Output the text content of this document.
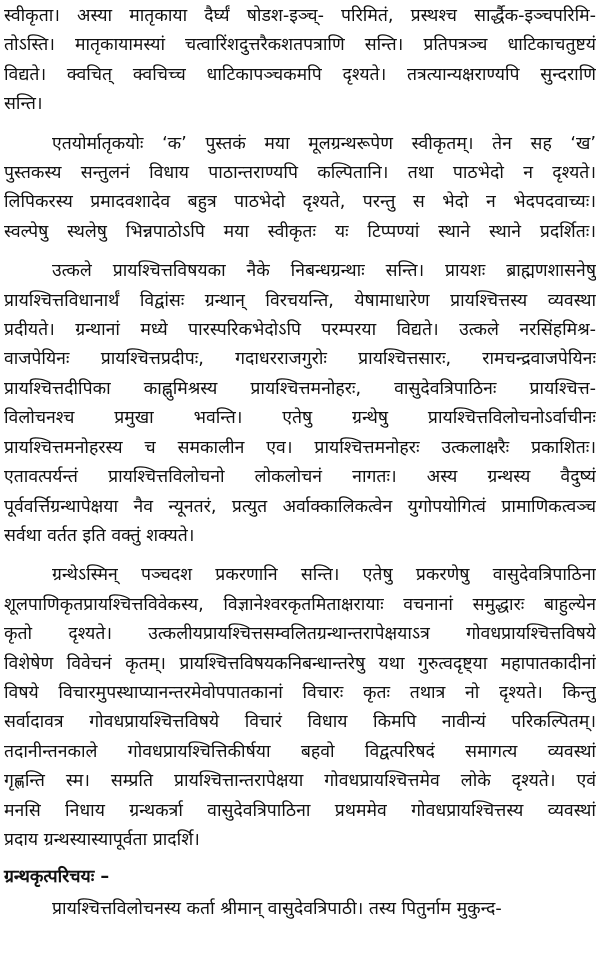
स्वीकृता। अस्या मातृकाया दैर्घ्यं षोडश-इञ्च्- परिमितं, प्रस्थश्च सार्द्धैक-इञ्चपरिमि-
तोऽस्ति। मातृकायामस्यां चत्वारिंशदुत्तरैकशतपत्राणि सन्ति। प्रतिपत्रञ्च धाटिकाचतुष्टयं
विद्यते। क्वचित् क्वचिच्च धाटिकापञ्चकमपि दृश्यते। तत्रत्यान्यक्षराण्यपि सुन्दराणि
सन्ति।
एतयोर्मातृकयोः ‘क’ पुस्तकं मया मूलग्रन्थरूपेण स्वीकृतम्। तेन सह ‘ख’
पुस्तकस्य सन्तुलनं विधाय पाठान्तराण्यपि कल्पितानि। तथा पाठभेदो न दृश्यते।
लिपिकरस्य प्रमादवशादेव बहुत्र पाठभेदो दृश्यते, परन्तु स भेदो न भेदपदवाच्यः।
स्वल्पेषु स्थलेषु भिन्नपाठोऽपि मया स्वीकृतः यः टिप्पण्यां स्थाने स्थाने प्रदर्शितः।
उत्कले प्रायश्चित्तविषयका नैके निबन्धग्रन्थाः सन्ति। प्रायशः ब्राह्मणशासनेषु
प्रायश्चित्तविधानार्थं विद्वांसः ग्रन्थान् विरचयन्ति, येषामाधारेण प्रायश्चित्तस्य व्यवस्था
प्रदीयते। ग्रन्थानां मध्ये पारस्परिकभेदोऽपि परम्परया विद्यते। उत्कले नरसिंहमिश्र-
वाजपेयिनः प्रायश्चित्तप्रदीपः, गदाधरराजगुरोः प्रायश्चित्तसारः, रामचन्द्रवाजपेयिनः
प्रायश्चित्तदीपिका काह्नुमिश्रस्य प्रायश्चित्तमनोहरः, वासुदेवत्रिपाठिनः प्रायश्चित्त-
विलोचनश्च प्रमुखा भवन्ति। एतेषु ग्रन्थेषु प्रायश्चित्तविलोचनोऽर्वाचीनः
प्रायश्चित्तमनोहरस्य च समकालीन एव। प्रायश्चित्तमनोहरः उत्कलाक्षरैः प्रकाशितः।
एतावत्पर्यन्तं प्रायश्चित्तविलोचनो लोकलोचनं नागतः। अस्य ग्रन्थस्य वैदुष्यं
पूर्ववर्त्तिग्रन्थापेक्षया नैव न्यूनतरं, प्रत्युत अर्वाक्कालिकत्वेन युगोपयोगित्वं प्रामाणिकत्वञ्च
सर्वथा वर्तत इति वक्तुं शक्यते।
ग्रन्थेऽस्मिन् पञ्चदश प्रकरणानि सन्ति। एतेषु प्रकरणेषु वासुदेवत्रिपाठिना
शूलपाणिकृतप्रायश्चित्तविवेकस्य, विज्ञानेश्वरकृतमिताक्षरायाः वचनानां समुद्धारः बाहुल्येन
कृतो दृश्यते। उत्कलीयप्रायश्चित्तसम्वलितग्रन्थान्तरापेक्षयाऽत्र गोवधप्रायश्चित्तविषये
विशेषेण विवेचनं कृतम्। प्रायश्चित्तविषयकनिबन्धान्तरेषु यथा गुरुत्वदृष्ट्या महापातकादीनां
विषये विचारमुपस्थाप्यानन्तरमेवोपपातकानां विचारः कृतः तथात्र नो दृश्यते। किन्तु
सर्वादावत्र गोवधप्रायश्चित्तविषये विचारं विधाय किमपि नावीन्यं परिकल्पितम्।
तदानीन्तनकाले गोवधप्रायश्चित्तिकीर्षया बहवो विद्वत्परिषदं समागत्य व्यवस्थां
गृह्णन्ति स्म। सम्प्रति प्रायश्चित्तान्तरापेक्षया गोवधप्रायश्चित्तमेव लोके दृश्यते। एवं
मनसि निधाय ग्रन्थकर्त्रा वासुदेवत्रिपाठिना प्रथममेव गोवधप्रायश्चित्तस्य व्यवस्थां
प्रदाय ग्रन्थस्यास्यापूर्वता प्रादर्शि।
ग्रन्थकृत्परिचयः –
प्रायश्चित्तविलोचनस्य कर्ता श्रीमान् वासुदेवत्रिपाठी। तस्य पितुर्नाम मुकुन्द-
